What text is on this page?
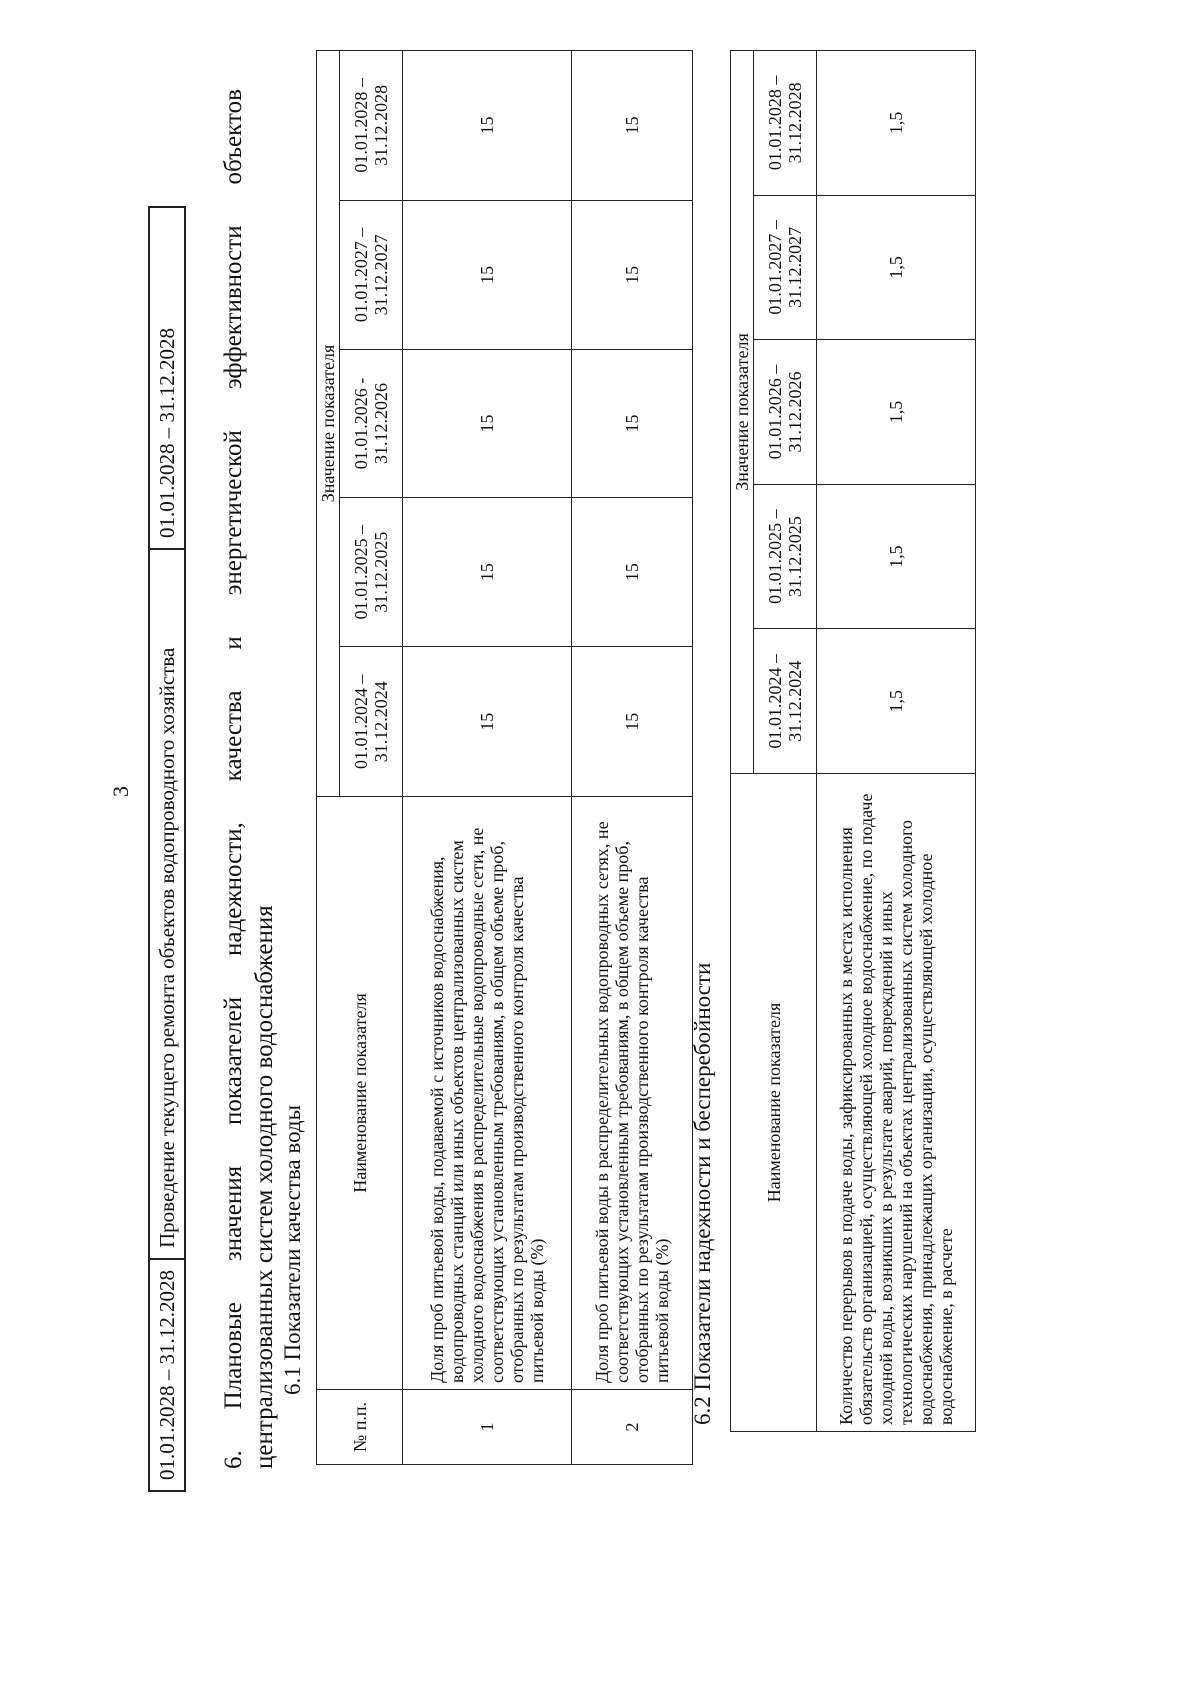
3
01.01.2028 – 31.12.2028	Проведение текущего ремонта объектов водопроводного хозяйства	01.01.2028 – 31.12.2028
6.
Плановые
значения
показателей
надежности,
качества
и
энергетической
эффективности
объектов
централизованных систем холодного водоснабжения 6.1 Показатели качества воды
№ п.п.	Наименование показателя	Значение показателя				
		01.01.2024 – 31.12.2024	01.01.2025 – 31.12.2025	01.01.2026 - 31.12.2026	01.01.2027 – 31.12.2027	01.01.2028 – 31.12.2028
1	Доля проб питьевой воды, подаваемой с источников водоснабжения, водопроводных станций или иных объектов централизованных систем холодного водоснабжения в распределительные водопроводные сети, не соответствующих установленным требованиям, в общем объеме проб, отобранных по результатам производственного контроля качества питьевой воды (%)	15	15	15	15	15
2	Доля проб питьевой воды в распределительных водопроводных сетях, не соответствующих установленным требованиям, в общем объеме проб, отобранных по результатам производственного контроля качества питьевой воды (%)	15	15	15	15	15
6.2 Показатели надежности и бесперебойности	Наименование показателя	Значение показателя				
	01.01.2024 – 31.12.2024	01.01.2025 – 31.12.2025	01.01.2026 – 31.12.2026	01.01.2027 – 31.12.2027	01.01.2028 – 31.12.2028
Количество перерывов в подаче воды, зафиксированных в местах исполнения обязательств организацией, осуществляющей холодное водоснабжение, по подаче холодной воды, возникших в результате аварий, повреждений и иных технологических нарушений на объектах централизованных систем холодного водоснабжения, принадлежащих организации, осуществляющей холодное водоснабжение, в расчете	1,5	1,5	1,5	1,5	1,5
